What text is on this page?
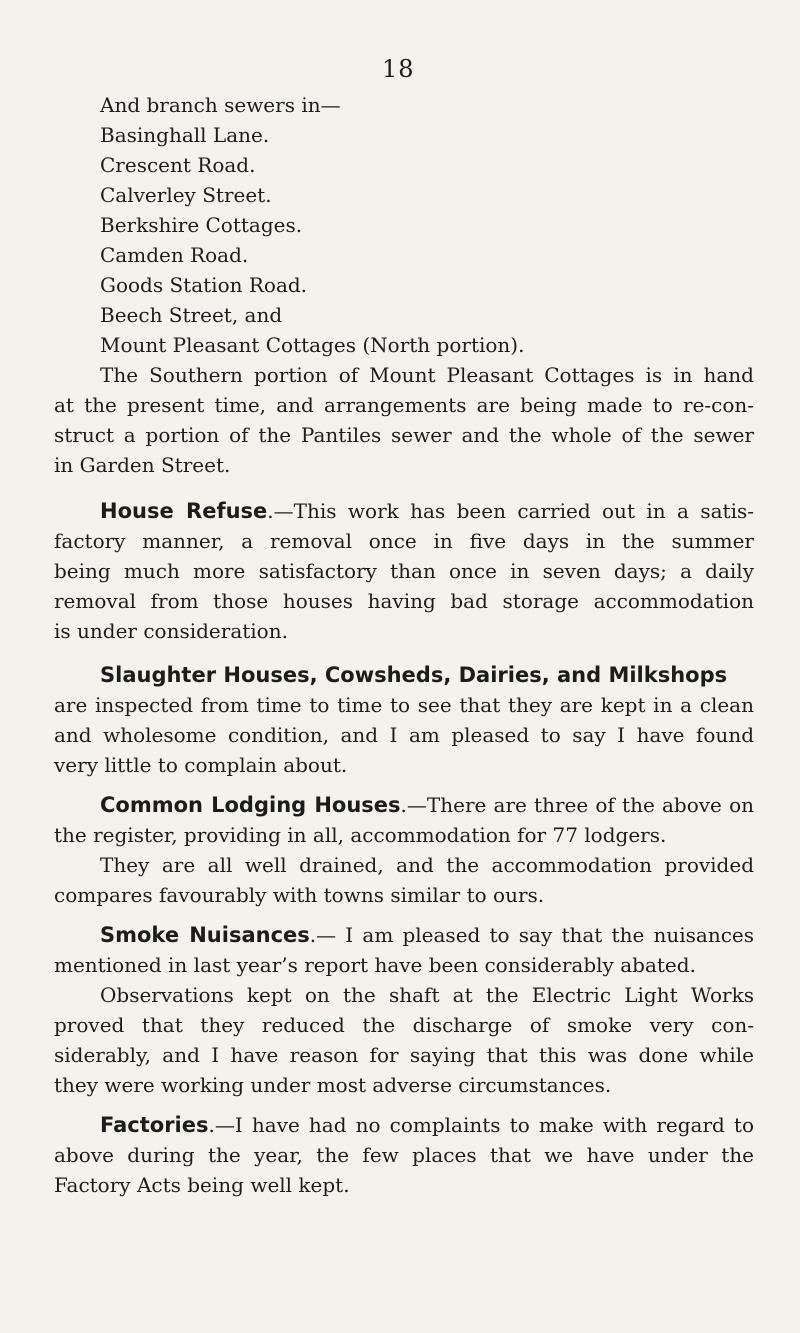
18
And branch sewers in—
Basinghall Lane.
Crescent Road.
Calverley Street.
Berkshire Cottages.
Camden Road.
Goods Station Road.
Beech Street, and
Mount Pleasant Cottages (North portion).
The Southern portion of Mount Pleasant Cottages is in hand
at the present time, and arrangements are being made to re-con-
struct a portion of the Pantiles sewer and the whole of the sewer
in Garden Street.
House Refuse.—This work has been carried out in a satis-
factory manner, a removal once in five days in the summer
being much more satisfactory than once in seven days; a daily
removal from those houses having bad storage accommodation
is under consideration.
Slaughter Houses, Cowsheds, Dairies, and Milkshops
are inspected from time to time to see that they are kept in a clean
and wholesome condition, and I am pleased to say I have found
very little to complain about.
Common Lodging Houses.—There are three of the above on
the register, providing in all, accommodation for 77 lodgers.
They are all well drained, and the accommodation provided
compares favourably with towns similar to ours.
Smoke Nuisances.— I am pleased to say that the nuisances
mentioned in last year’s report have been considerably abated.
Observations kept on the shaft at the Electric Light Works
proved that they reduced the discharge of smoke very con-
siderably, and I have reason for saying that this was done while
they were working under most adverse circumstances.
Factories.—I have had no complaints to make with regard to
above during the year, the few places that we have under the
Factory Acts being well kept.
